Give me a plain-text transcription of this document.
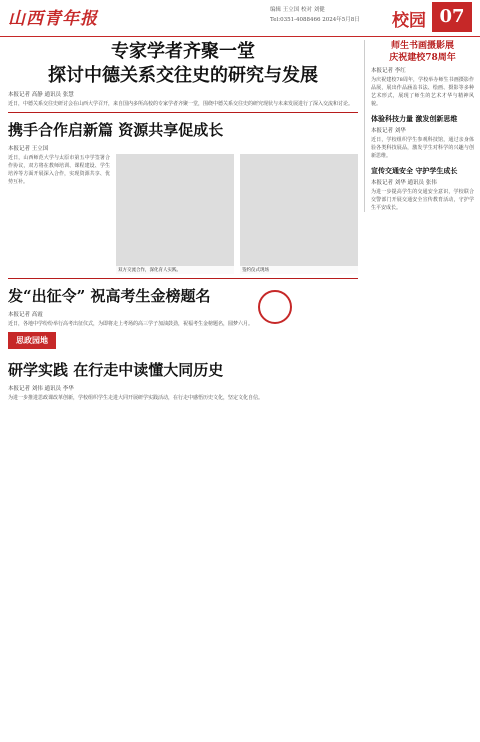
山西青年报	编辑 王立国 校对 刘健
Tel:0351-4088466 2024年5月8日 校园 07
专家学者齐聚一堂
探讨中德关系交往史的研究与发展
本报记者 高静 通讯员 张慧
近日，中德关系交往史研讨会在山西大学召开，来自国内多所高校的专家学者齐聚一堂，围绕中德关系交往史的研究现状与未来发展进行了深入交流和讨论。
携手合作启新篇 资源共享促成长
本报记者 王立国
近日，山西师范大学与太原市第五中学签署合作协议，双方将在教师培训、课程建设、学生培养等方面开展深入合作，实现资源共享、优势互补。
双方交流合作，深化育人实践。	签约仪式现场
发“出征令” 祝高考生金榜题名
本报记者 高霞
近日，各地中学纷纷举行高考出征仪式，为即将走上考场的高三学子加油鼓劲，祝福考生金榜题名，圆梦六月。
思政园地
研学实践 在行走中读懂大同历史
本报记者 刘伟 通讯员 李华
为进一步推进思政课改革创新，学校组织学生走进大同开展研学实践活动，在行走中感悟历史文化，坚定文化自信。
师生书画摄影展
庆祝建校78周年
本报记者 李红
为庆祝建校78周年，学校举办师生书画摄影作品展，展出作品涵盖书法、绘画、摄影等多种艺术形式，展现了师生的艺术才华与精神风貌。
体验科技力量 激发创新思维
本报记者 刘华
近日，学校组织学生参观科技馆，通过亲身体验各类科技展品，激发学生对科学的兴趣与创新思维。
宣传交通安全 守护学生成长
本报记者 刘华 通讯员 张伟
为进一步提高学生的交通安全意识，学校联合交警部门开展交通安全宣传教育活动，守护学生平安成长。
